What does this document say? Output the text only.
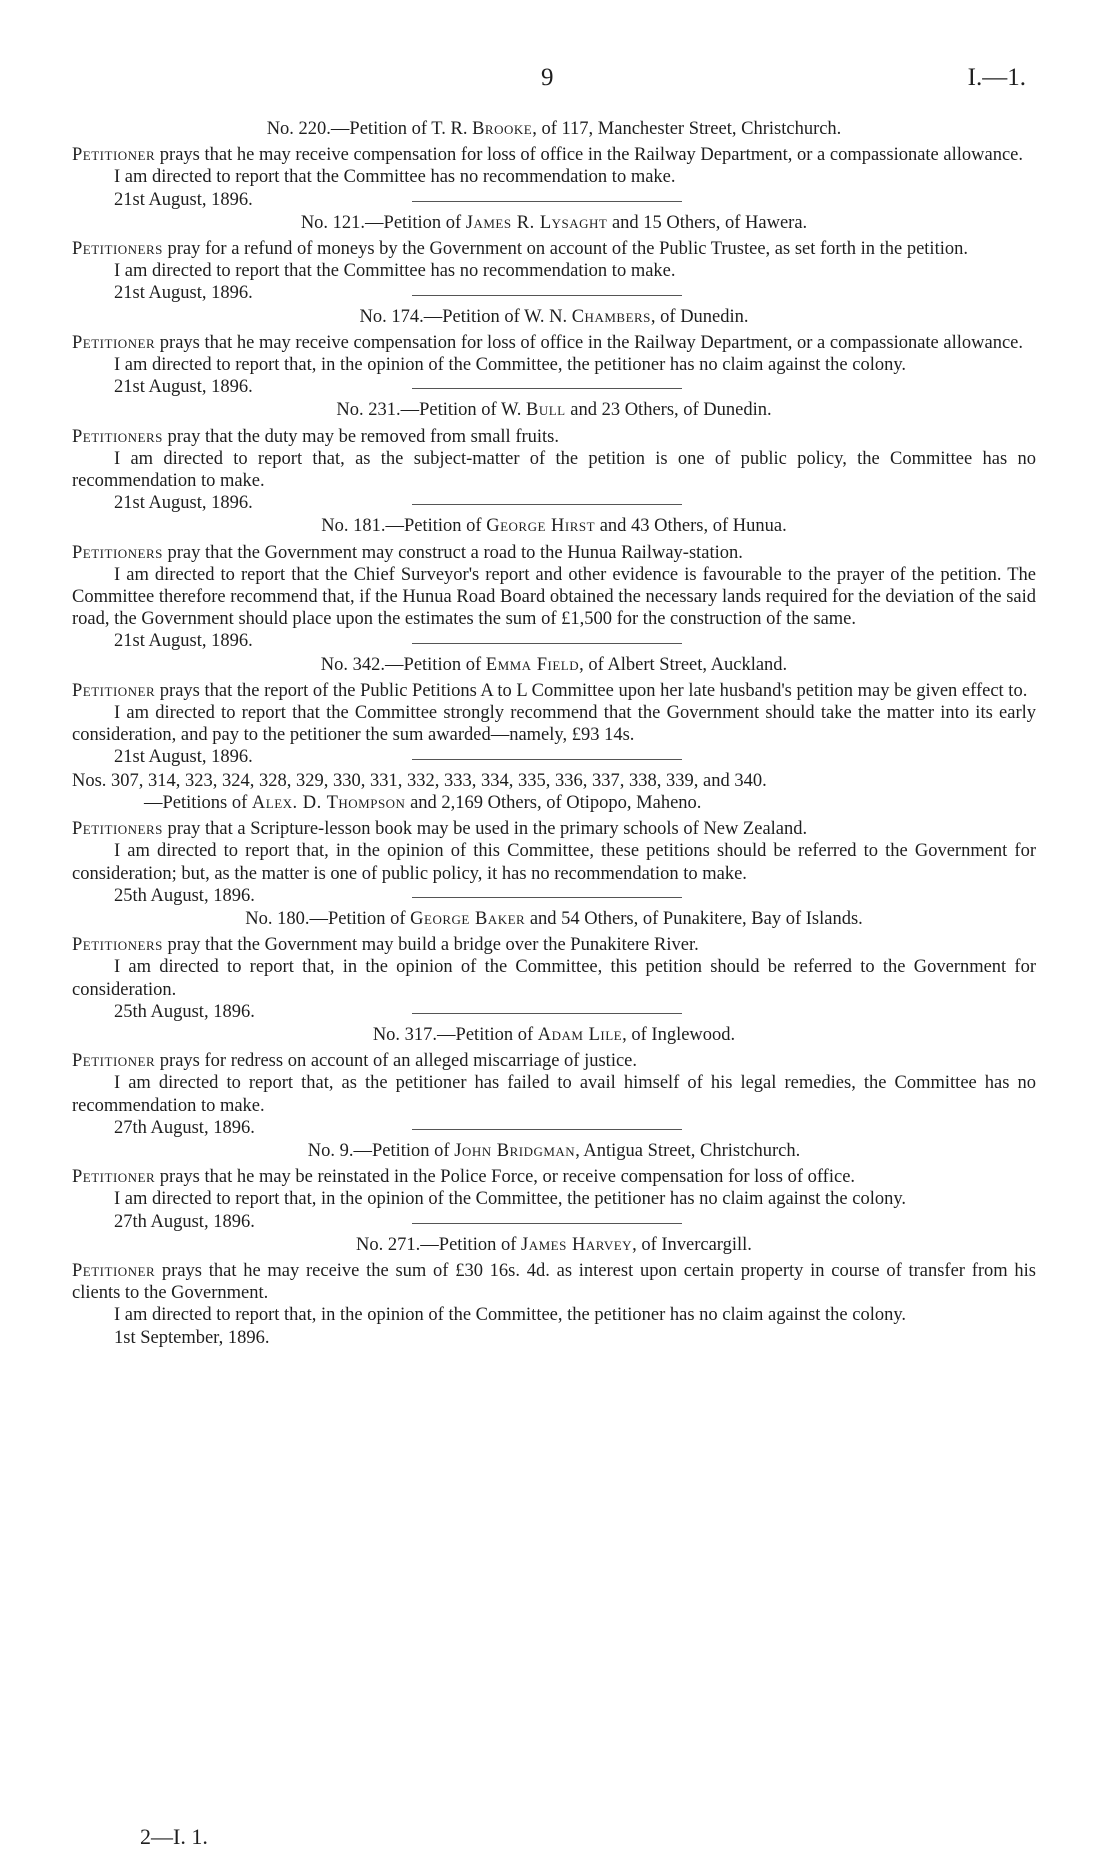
9	I.—1.
No. 220.—Petition of T. R. Brooke, of 117, Manchester Street, Christchurch.

Petitioner prays that he may receive compensation for loss of office in the Railway Department, or a compassionate allowance.

I am directed to report that the Committee has no recommendation to make.

21st August, 1896.

No. 121.—Petition of James R. Lysaght and 15 Others, of Hawera.

Petitioners pray for a refund of moneys by the Government on account of the Public Trustee, as set forth in the petition.

I am directed to report that the Committee has no recommendation to make.

21st August, 1896.

No. 174.—Petition of W. N. Chambers, of Dunedin.

Petitioner prays that he may receive compensation for loss of office in the Railway Department, or a compassionate allowance.

I am directed to report that, in the opinion of the Committee, the petitioner has no claim against the colony.

21st August, 1896.

No. 231.—Petition of W. Bull and 23 Others, of Dunedin.

Petitioners pray that the duty may be removed from small fruits.

I am directed to report that, as the subject-matter of the petition is one of public policy, the Committee has no recommendation to make.

21st August, 1896.

No. 181.—Petition of George Hirst and 43 Others, of Hunua.

Petitioners pray that the Government may construct a road to the Hunua Railway-station.

I am directed to report that the Chief Surveyor's report and other evidence is favourable to the prayer of the petition. The Committee therefore recommend that, if the Hunua Road Board obtained the necessary lands required for the deviation of the said road, the Government should place upon the estimates the sum of £1,500 for the construction of the same.

21st August, 1896.

No. 342.—Petition of Emma Field, of Albert Street, Auckland.

Petitioner prays that the report of the Public Petitions A to L Committee upon her late husband's petition may be given effect to.

I am directed to report that the Committee strongly recommend that the Government should take the matter into its early consideration, and pay to the petitioner the sum awarded—namely, £93 14s.

21st August, 1896.

Nos. 307, 314, 323, 324, 328, 329, 330, 331, 332, 333, 334, 335, 336, 337, 338, 339, and 340.
—Petitions of Alex. D. Thompson and 2,169 Others, of Otipopo, Maheno.

Petitioners pray that a Scripture-lesson book may be used in the primary schools of New Zealand.

I am directed to report that, in the opinion of this Committee, these petitions should be referred to the Government for consideration; but, as the matter is one of public policy, it has no recommendation to make.

25th August, 1896.

No. 180.—Petition of George Baker and 54 Others, of Punakitere, Bay of Islands.

Petitioners pray that the Government may build a bridge over the Punakitere River.

I am directed to report that, in the opinion of the Committee, this petition should be referred to the Government for consideration.

25th August, 1896.

No. 317.—Petition of Adam Lile, of Inglewood.

Petitioner prays for redress on account of an alleged miscarriage of justice.

I am directed to report that, as the petitioner has failed to avail himself of his legal remedies, the Committee has no recommendation to make.

27th August, 1896.

No. 9.—Petition of John Bridgman, Antigua Street, Christchurch.

Petitioner prays that he may be reinstated in the Police Force, or receive compensation for loss of office.

I am directed to report that, in the opinion of the Committee, the petitioner has no claim against the colony.

27th August, 1896.

No. 271.—Petition of James Harvey, of Invercargill.

Petitioner prays that he may receive the sum of £30 16s. 4d. as interest upon certain property in course of transfer from his clients to the Government.

I am directed to report that, in the opinion of the Committee, the petitioner has no claim against the colony.

1st September, 1896.

2—I. 1.
